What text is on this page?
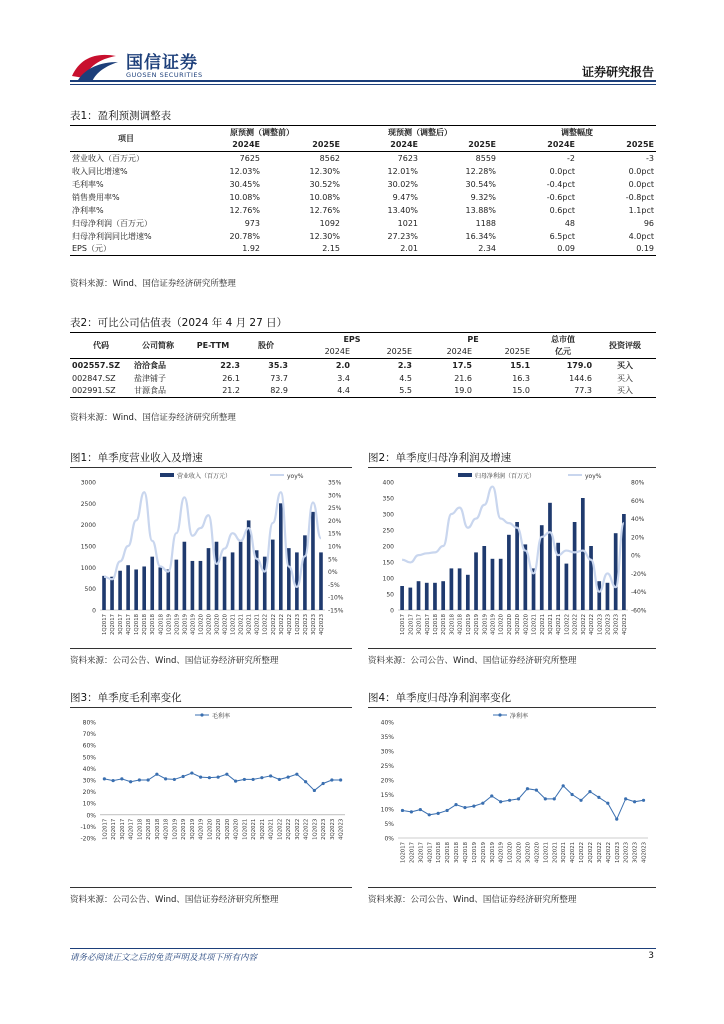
国信证券
GUOSEN SECURITIES	证券研究报告
表1：盈利预测调整表
项目	原预测（调整前）		现预测（调整后）		调整幅度	
	2024E	2025E	2024E	2025E	2024E	2025E
营业收入（百万元）	7625	8562	7623	8559	-2	-3
收入同比增速%	12.03%	12.30%	12.01%	12.28%	0.0pct	0.0pct
毛利率%	30.45%	30.52%	30.02%	30.54%	-0.4pct	0.0pct
销售费用率%	10.08%	10.08%	9.47%	9.32%	-0.6pct	-0.8pct
净利率%	12.76%	12.76%	13.40%	13.88%	0.6pct	1.1pct
归母净利润（百万元）	973	1092	1021	1188	48	96
归母净利润同比增速%	20.78%	12.30%	27.23%	16.34%	6.5pct	4.0pct
EPS（元）	1.92	2.15	2.01	2.34	0.09	0.19
资料来源：Wind、国信证券经济研究所整理
表2：可比公司估值表（2024 年 4 月 27 日）
代码	公司简称	PE-TTM	股价	EPS		PE		总市值	投资评级
				2024E	2025E	2024E	2025E	亿元	
002557.SZ	洽洽食品	22.3	35.3	2.0	2.3	17.5	15.1	179.0	买入
002847.SZ	盐津铺子	26.1	73.7	3.4	4.5	21.6	16.3	144.6	买入
002991.SZ	甘源食品	21.2	82.9	4.4	5.5	19.0	15.0	77.3	买入
资料来源：Wind、国信证券经济研究所整理
图1：单季度营业收入及增速
0
500
1000
1500
2000
2500
3000
-15%
-10%
-5%
0%
5%
10%
15%
20%
25%
30%
35%
1Q2017 2Q2017 3Q2017 4Q2017 1Q2018 2Q2018 3Q2018 4Q2018 1Q2019 2Q2019 3Q2019 4Q2019 1Q2020 2Q2020 3Q2020 4Q2020 1Q2021 2Q2021 3Q2021 4Q2021 1Q2022 2Q2022 3Q2022 4Q2022 1Q2023 2Q2023 3Q2023 4Q2023
营业收入（百万元）	yoy%
资料来源：公司公告、Wind、国信证券经济研究所整理
图2：单季度归母净利润及增速
0
50
100
150
200
250
300
350
400
-60%
-40%
-20%
0%
20%
40%
60%
80%
1Q2017 2Q2017 3Q2017 4Q2017 1Q2018 2Q2018 3Q2018 4Q2018 1Q2019 2Q2019 3Q2019 4Q2019 1Q2020 2Q2020 3Q2020 4Q2020 1Q2021 2Q2021 3Q2021 4Q2021 1Q2022 2Q2022 3Q2022 4Q2022 1Q2023 2Q2023 3Q2023 4Q2023
归母净利润（百万元）	yoy%
资料来源：公司公告、Wind、国信证券经济研究所整理
图3：单季度毛利率变化
-20%
-10%
0%
10%
20%
30%
40%
50%
60%
70%
80%
1Q2017 2Q2017 3Q2017 4Q2017 1Q2018 2Q2018 3Q2018 4Q2018 1Q2019 2Q2019 3Q2019 4Q2019 1Q2020 2Q2020 3Q2020 4Q2020 1Q2021 2Q2021 3Q2021 4Q2021 1Q2022 2Q2022 3Q2022 4Q2022 1Q2023 2Q2023 3Q2023 4Q2023
毛利率
资料来源：公司公告、Wind、国信证券经济研究所整理
图4：单季度归母净利润率变化
0%
5%
10%
15%
20%
25%
30%
35%
40%
1Q2017 2Q2017 3Q2017 4Q2017 1Q2018 2Q2018 3Q2018 4Q2018 1Q2019 2Q2019 3Q2019 4Q2019 1Q2020 2Q2020 3Q2020 4Q2020 1Q2021 2Q2021 3Q2021 4Q2021 1Q2022 2Q2022 3Q2022 4Q2022 1Q2023 2Q2023 3Q2023 4Q2023
净利率
资料来源：公司公告、Wind、国信证券经济研究所整理
请务必阅读正文之后的免责声明及其项下所有内容	3
